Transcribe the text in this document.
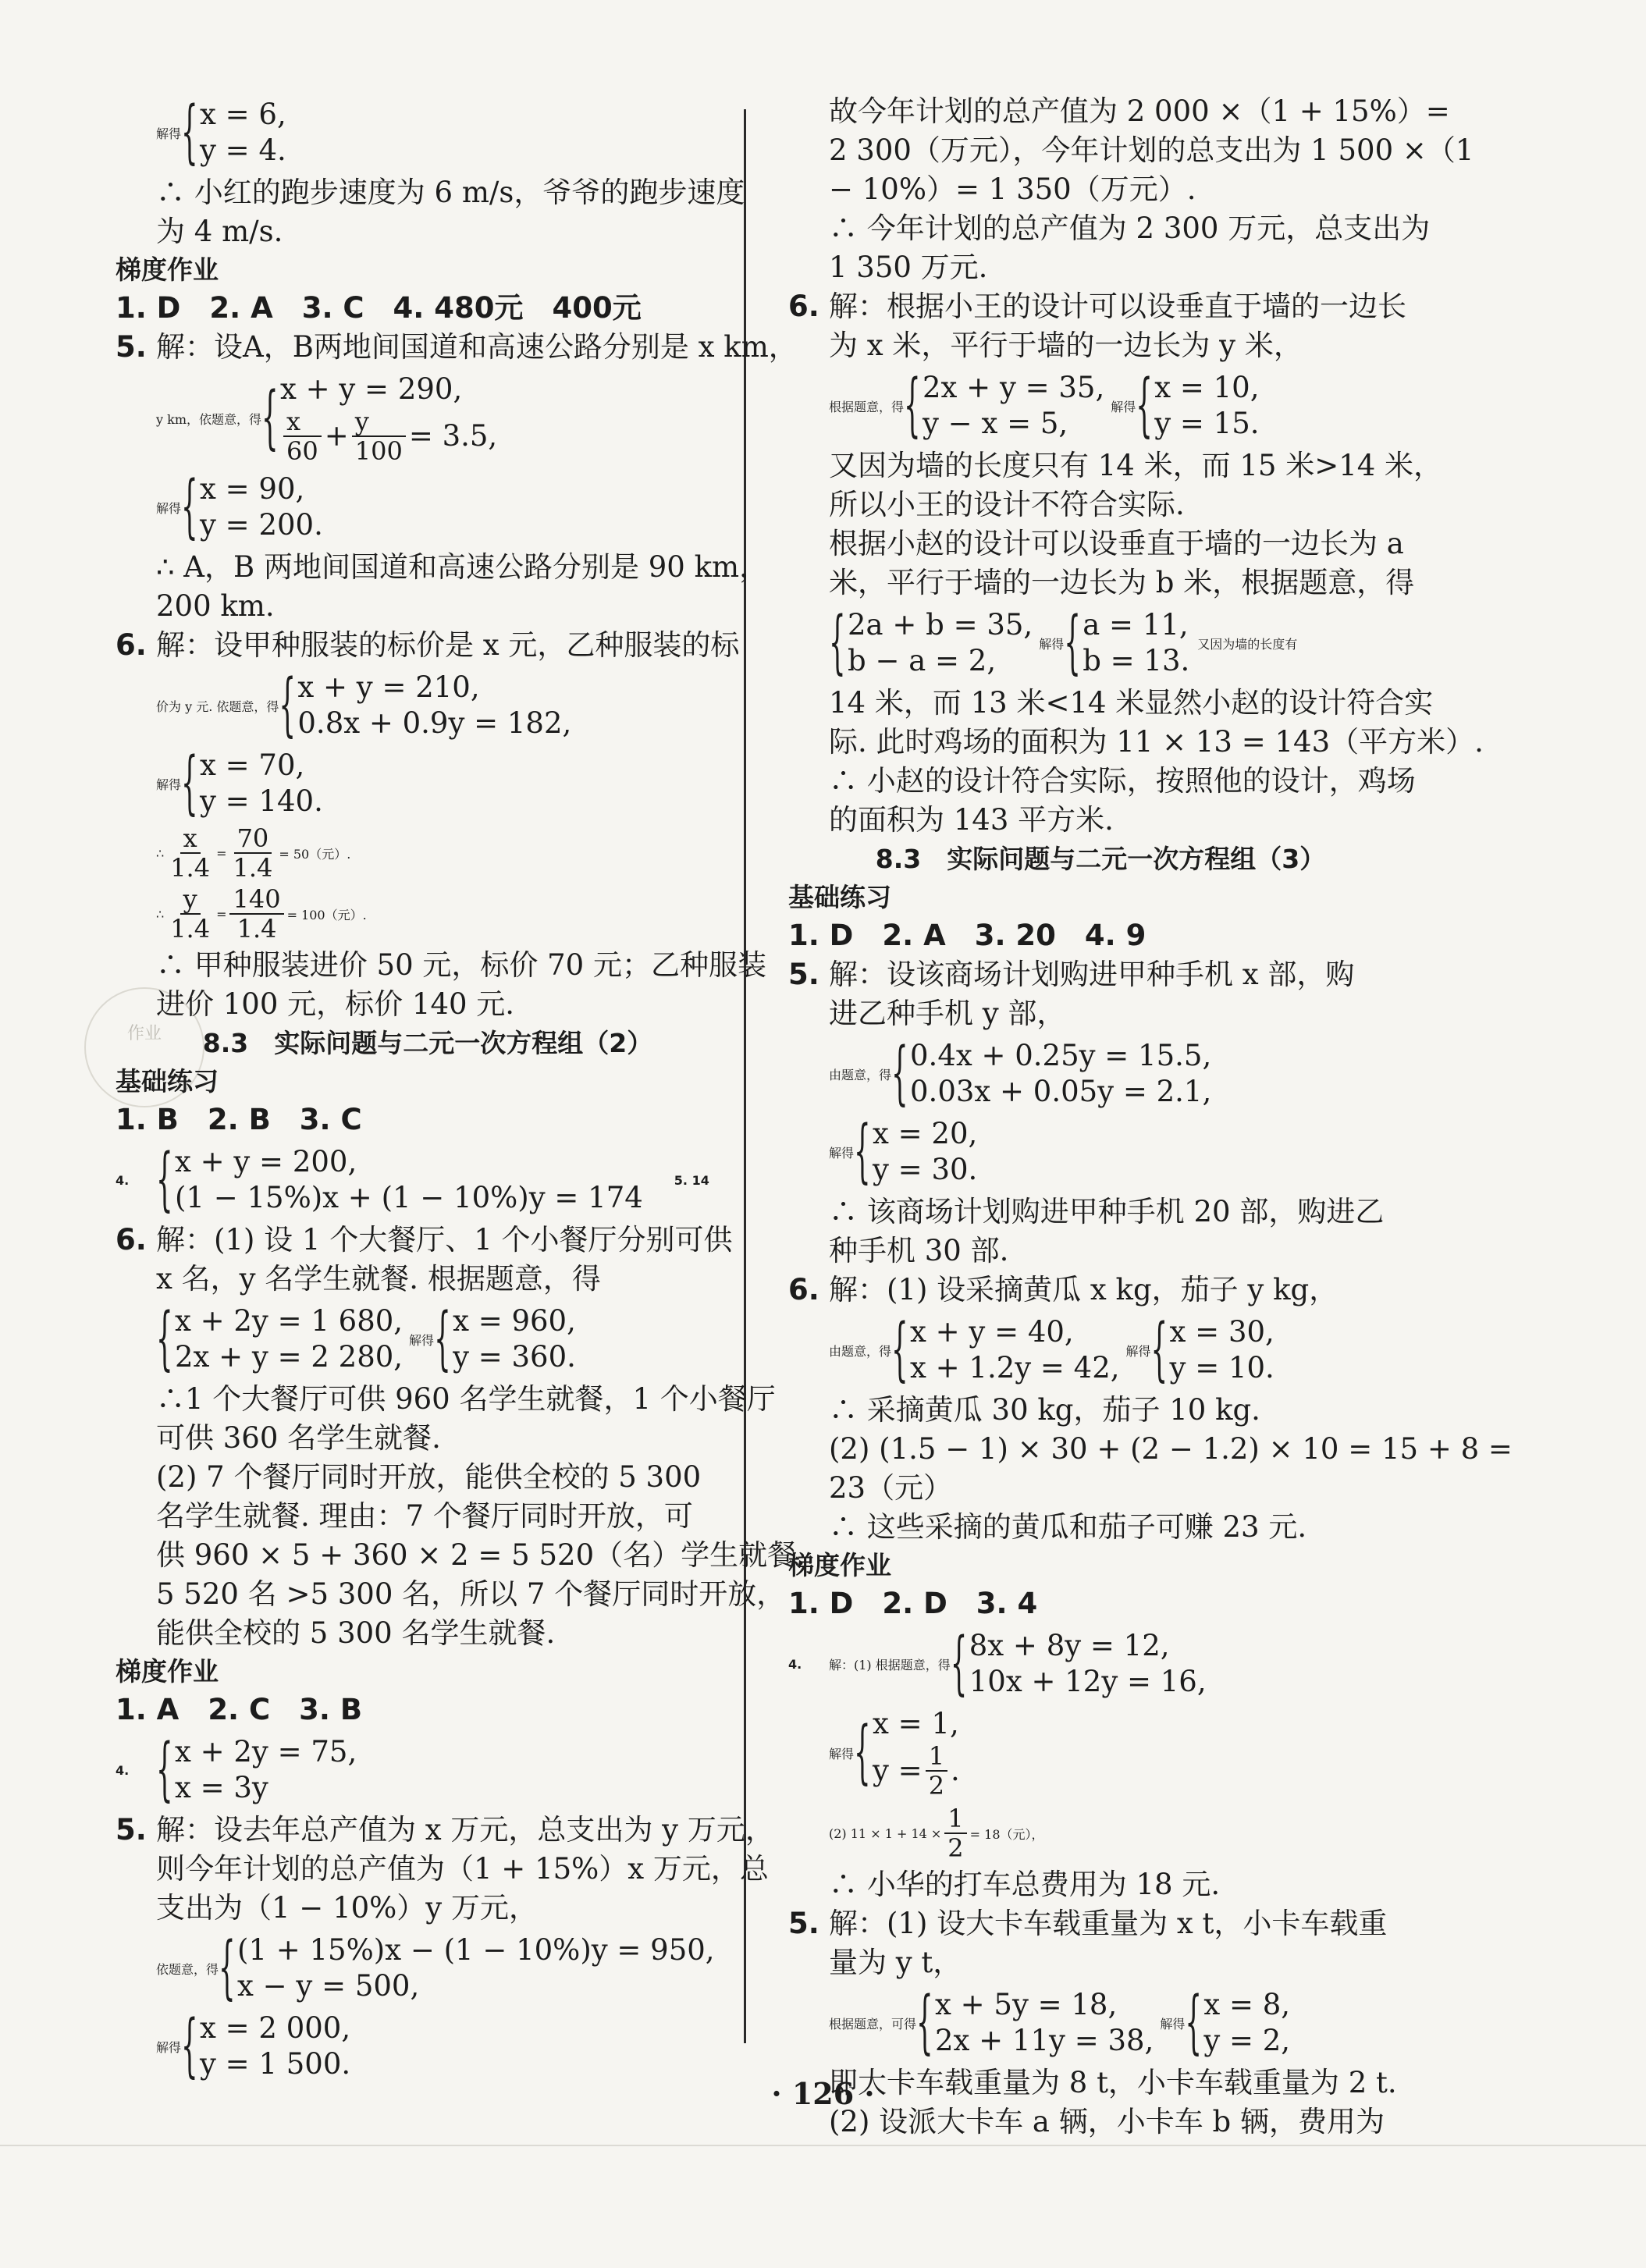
作业
解得 { x = 6,
y = 4.

∴ 小红的跑步速度为 6 m/s，爷爷的跑步速度

为 4 m/s.

梯度作业

1. D　2. A　3. C　4. 480元　400元

5. 解：设A，B两地间国道和高速公路分别是 x km，

y km，依题意，得 { x + y = 290,
$\frac{x}{60} + \frac{y}{100} = 3.5$,
解得 { x = 90,
y = 200.

∴ A，B 两地间国道和高速公路分别是 90 km，

200 km.

6. 解：设甲种服装的标价是 x 元，乙种服装的标

价为 y 元. 依题意，得 { x + y = 210,
0.8x + 0.9y = 182,
解得 { x = 70,
y = 140.
∴ $\frac{x}{1.4} = \frac{70}{1.4} = 50$（元）.
∴ $\frac{y}{1.4} = \frac{140}{1.4} = 100$（元）.

∴ 甲种服装进价 50 元，标价 70 元；乙种服装

进价 100 元，标价 140 元.

8.3　实际问题与二元一次方程组（2）

基础练习

1. B　2. B　3. C

4.	{ x + y = 200,
(1 − 15%)x + (1 − 10%)y = 174
5. 14

6. 解：(1) 设 1 个大餐厅、1 个小餐厅分别可供

x 名，y 名学生就餐. 根据题意，得

{ x + 2y = 1 680,
2x + y = 2 280, 解得 { x = 960,
y = 360.

∴1 个大餐厅可供 960 名学生就餐，1 个小餐厅

可供 360 名学生就餐.

(2) 7 个餐厅同时开放，能供全校的 5 300

名学生就餐. 理由：7 个餐厅同时开放，可

供 960 × 5 + 360 × 2 = 5 520（名）学生就餐.

5 520 名 >5 300 名，所以 7 个餐厅同时开放，

能供全校的 5 300 名学生就餐.

梯度作业

1. A　2. C　3. B

4.	{ x + 2y = 75,
x = 3y

5. 解：设去年总产值为 x 万元，总支出为 y 万元，

则今年计划的总产值为（1 + 15%）x 万元，总

支出为（1 − 10%）y 万元，

依题意，得 { (1 + 15%)x − (1 − 10%)y = 950,
x − y = 500,
解得 { x = 2 000,
y = 1 500.

故今年计划的总产值为 2 000 ×（1 + 15%）=

2 300（万元），今年计划的总支出为 1 500 ×（1

− 10%）= 1 350（万元）.

∴ 今年计划的总产值为 2 300 万元，总支出为

1 350 万元.

6. 解：根据小王的设计可以设垂直于墙的一边长

为 x 米，平行于墙的一边长为 y 米，

根据题意，得 { 2x + y = 35,
y − x = 5,	解得 { x = 10,
y = 15.

又因为墙的长度只有 14 米，而 15 米>14 米，

所以小王的设计不符合实际.

根据小赵的设计可以设垂直于墙的一边长为 a

米，平行于墙的一边长为 b 米，根据题意，得

{ 2a + b = 35,
b − a = 2,	解得 { a = 11,
b = 13. 又因为墙的长度有

14 米，而 13 米<14 米显然小赵的设计符合实

际. 此时鸡场的面积为 11 × 13 = 143（平方米）.

∴ 小赵的设计符合实际，按照他的设计，鸡场

的面积为 143 平方米.

8.3　实际问题与二元一次方程组（3）

基础练习

1. D　2. A　3. 20　4. 9

5. 解：设该商场计划购进甲种手机 x 部，购

进乙种手机 y 部，

由题意，得 { 0.4x + 0.25y = 15.5,
0.03x + 0.05y = 2.1,
解得 { x = 20,
y = 30.

∴ 该商场计划购进甲种手机 20 部，购进乙

种手机 30 部.

6. 解：(1) 设采摘黄瓜 x kg，茄子 y kg，

由题意，得 { x + y = 40,
x + 1.2y = 42, 解得 { x = 30,
y = 10.

∴ 采摘黄瓜 30 kg，茄子 10 kg.

(2) (1.5 − 1) × 30 + (2 − 1.2) × 10 = 15 + 8 =

23（元）

∴ 这些采摘的黄瓜和茄子可赚 23 元.

梯度作业

1. D　2. D　3. 4

4.	解：(1) 根据题意，得 { 8x + 8y = 12,
10x + 12y = 16,
解得 { x = 1,
$y = \frac{1}{2}$ .
(2) $11 \times 1 + 14 \times \frac{1}{2} = 18$（元），

∴ 小华的打车总费用为 18 元.

5. 解：(1) 设大卡车载重量为 x t，小卡车载重

量为 y t，

根据题意，可得 { x + 5y = 18,
2x + 11y = 38, 解得 { x = 8,
y = 2,

即大卡车载重量为 8 t，小卡车载重量为 2 t.

(2) 设派大卡车 a 辆，小卡车 b 辆，费用为

· 126 ·
